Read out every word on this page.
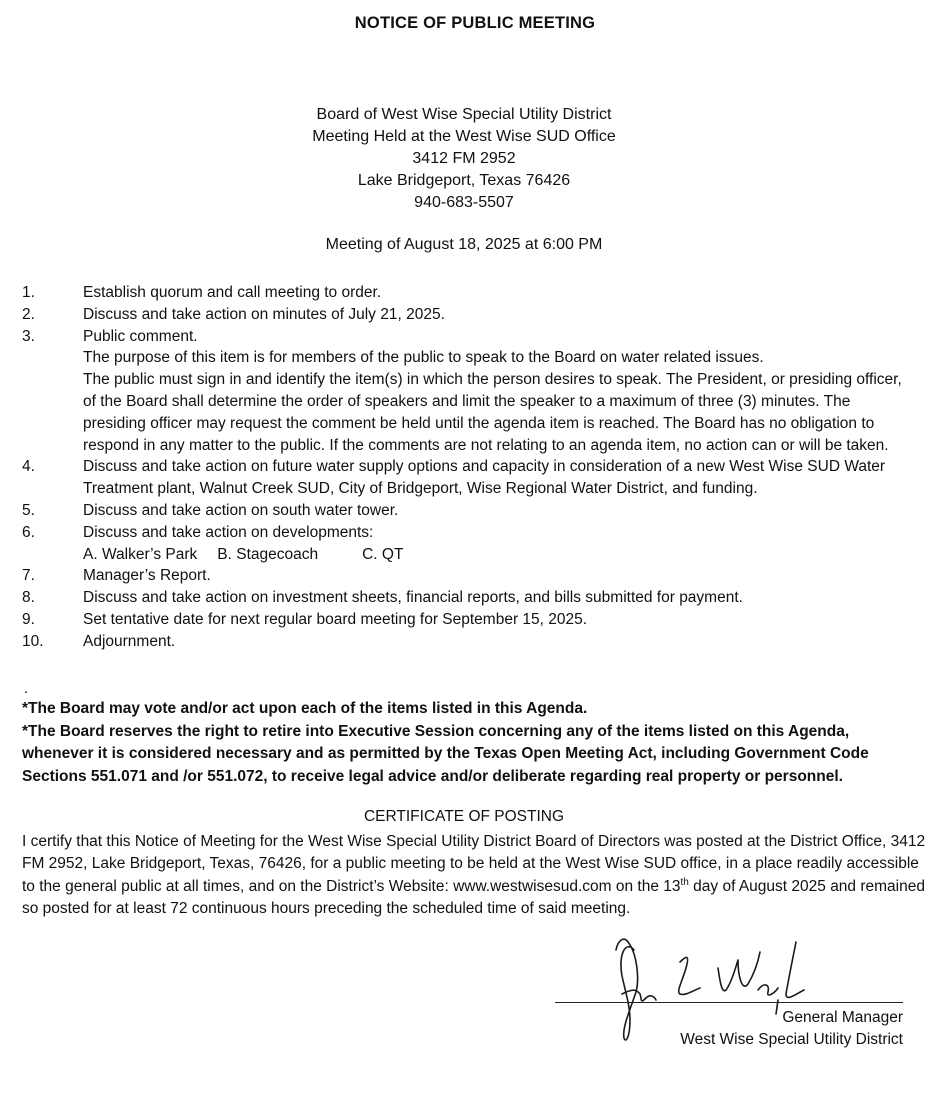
NOTICE OF PUBLIC MEETING
Board of West Wise Special Utility District
Meeting Held at the West Wise SUD Office
3412 FM 2952
Lake Bridgeport, Texas 76426
940-683-5507
Meeting of August 18, 2025 at 6:00 PM
1.	Establish quorum and call meeting to order.
2.	Discuss and take action on minutes of July 21, 2025.
3.	Public comment.
The purpose of this item is for members of the public to speak to the Board on water related issues.
The public must sign in and identify the item(s) in which the person desires to speak. The President, or presiding officer, of the Board shall determine the order of speakers and limit the speaker to a maximum of three (3) minutes. The presiding officer may request the comment be held until the agenda item is reached. The Board has no obligation to respond in any matter to the public. If the comments are not relating to an agenda item, no action can or will be taken.
4.	Discuss and take action on future water supply options and capacity in consideration of a new West Wise SUD Water Treatment plant, Walnut Creek SUD, City of Bridgeport, Wise Regional Water District, and funding.
5.	Discuss and take action on south water tower.
6.	Discuss and take action on developments:
A. Walker’s Park B. Stagecoach	C. QT
7.	Manager’s Report.
8.	Discuss and take action on investment sheets, financial reports, and bills submitted for payment.
9.	Set tentative date for next regular board meeting for September 15, 2025.
10.	Adjournment.
.
*The Board may vote and/or act upon each of the items listed in this Agenda.
*The Board reserves the right to retire into Executive Session concerning any of the items listed on this Agenda, whenever it is considered necessary and as permitted by the Texas Open Meeting Act, including Government Code Sections 551.071 and /or 551.072, to receive legal advice and/or deliberate regarding real property or personnel.
CERTIFICATE OF POSTING
I certify that this Notice of Meeting for the West Wise Special Utility District Board of Directors was posted at the District Office, 3412 FM 2952, Lake Bridgeport, Texas, 76426, for a public meeting to be held at the West Wise SUD office, in a place readily accessible to the general public at all times, and on the District’s Website: www.westwisesud.com on the 13th day of August 2025 and remained so posted for at least 72 continuous hours preceding the scheduled time of said meeting.
General Manager
West Wise Special Utility District
